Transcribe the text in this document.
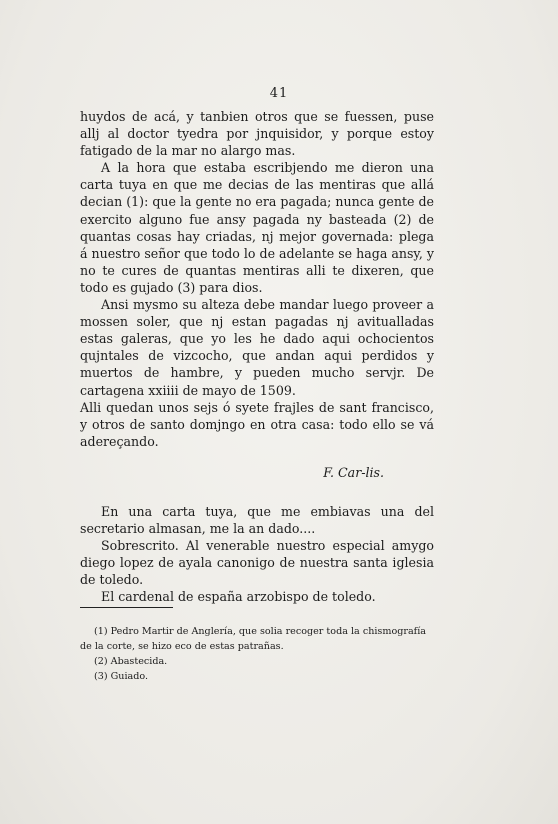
41

huydos de acá, y tanbien otros que se fuessen, puse allj al doctor tyedra por jnquisidor, y porque estoy fatigado de la mar no alargo mas.

A la hora que estaba escribjendo me dieron una carta tuya en que me decias de las mentiras que allá decian (1): que la gente no era pagada; nunca gente de exercito alguno fue ansy pagada ny basteada (2) de quantas cosas hay criadas, nj mejor governada: plega á nuestro señor que todo lo de adelante se haga ansy, y no te cures de quantas mentiras alli te dixeren, que todo es gujado (3) para dios.

Ansi mysmo su alteza debe mandar luego proveer a mossen soler, que nj estan pagadas nj avitualladas estas galeras, que yo les he dado aqui ochocientos qujntales de vizcocho, que andan aqui perdidos y muertos de hambre, y pueden mucho servjr. De cartagena xxiiii de mayo de 1509.

Alli quedan unos sejs ó syete frajles de sant francisco, y otros de santo domjngo en otra casa: todo ello se vá adereçando.

F. Car-lis.

En una carta tuya, que me embiavas una del secretario almasan, me la an dado....

Sobrescrito. Al venerable nuestro especial amygo diego lopez de ayala canonigo de nuestra santa iglesia de toledo.

El cardenal de españa arzobispo de toledo.

(1) Pedro Martir de Anglería, que solia recoger toda la chismografía de la corte, se hizo eco de estas patrañas.

(2) Abastecida.

(3) Guiado.
